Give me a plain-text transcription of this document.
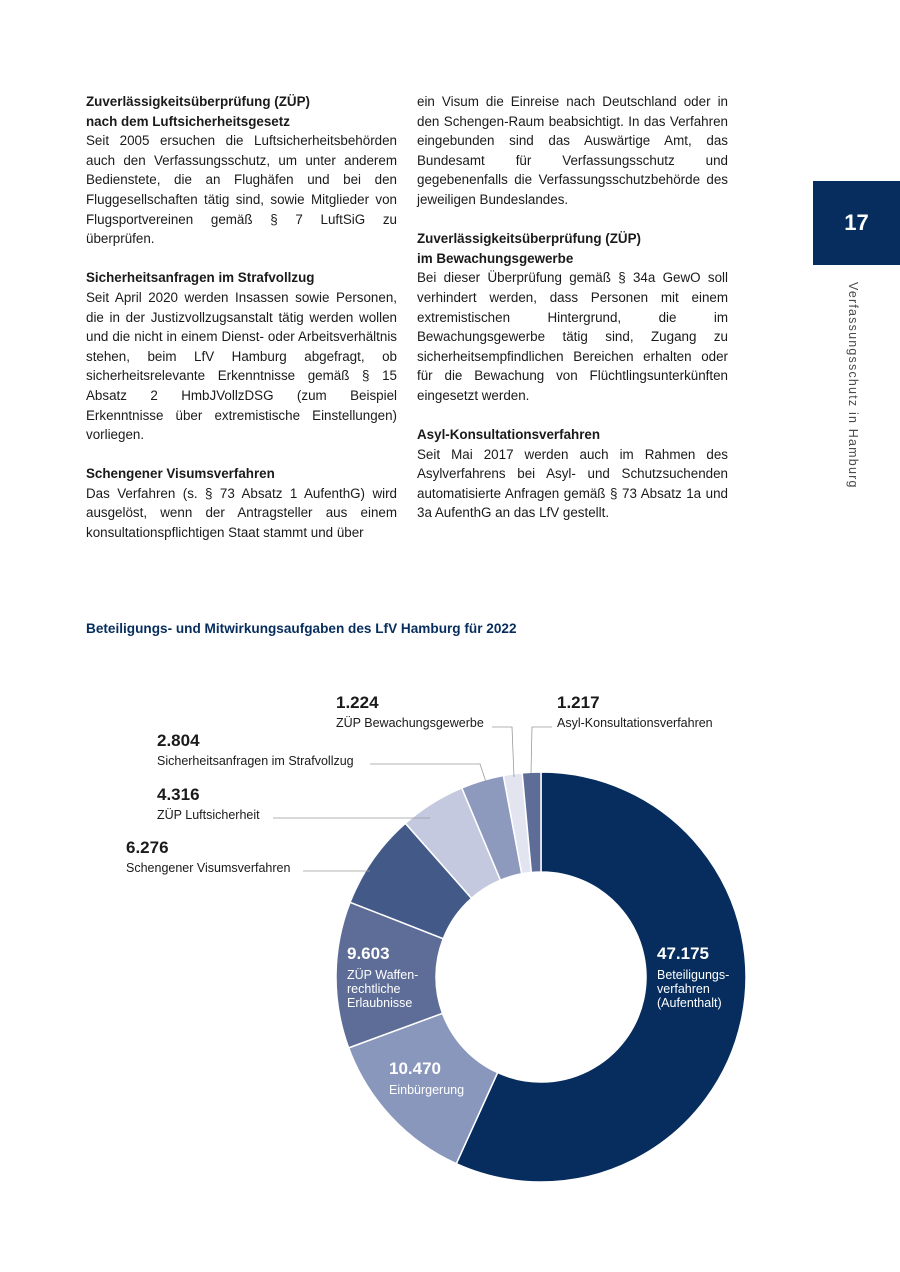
Zuverlässigkeitsüberprüfung (ZÜP)
nach dem Luftsicherheitsgesetz

Seit 2005 ersuchen die Luftsicherheitsbehörden auch den Verfassungsschutz, um unter anderem Bedienstete, die an Flughäfen und bei den Fluggesellschaften tätig sind, sowie Mitglieder von Flugsportvereinen gemäß § 7 LuftSiG zu überprüfen.

Sicherheitsanfragen im Strafvollzug

Seit April 2020 werden Insassen sowie Personen, die in der Justizvollzugsanstalt tätig werden wollen und die nicht in einem Dienst- oder Arbeitsverhältnis stehen, beim LfV Hamburg abgefragt, ob sicherheitsrelevante Erkenntnisse gemäß § 15 Absatz 2 HmbJVollzDSG (zum Beispiel Erkenntnisse über extremistische Einstellungen) vorliegen.

Schengener Visumsverfahren

Das Verfahren (s. § 73 Absatz 1 AufenthG) wird ausgelöst, wenn der Antragsteller aus einem konsultationspflichtigen Staat stammt und über

ein Visum die Einreise nach Deutschland oder in den Schengen-Raum beabsichtigt. In das Verfahren eingebunden sind das Auswärtige Amt, das Bundesamt für Verfassungsschutz und gegebenenfalls die Verfassungsschutzbehörde des jeweiligen Bundeslandes.

Zuverlässigkeitsüberprüfung (ZÜP)
im Bewachungsgewerbe

Bei dieser Überprüfung gemäß § 34a GewO soll verhindert werden, dass Personen mit einem extremistischen Hintergrund, die im Bewachungsgewerbe tätig sind, Zugang zu sicherheitsempfindlichen Bereichen erhalten oder für die Bewachung von Flüchtlingsunterkünften eingesetzt werden.

Asyl-Konsultationsverfahren

Seit Mai 2017 werden auch im Rahmen des Asylverfahrens bei Asyl- und Schutzsuchenden automatisierte Anfragen gemäß § 73 Absatz 1a und 3a AufenthG an das LfV gestellt.

17
Verfassungsschutz in Hamburg
Beteiligungs- und Mitwirkungsaufgaben des LfV Hamburg für 2022
47.175
Beteiligungs-
verfahren
(Aufenthalt)
10.470
Einbürgerung
9.603
ZÜP Waffen-
rechtliche
Erlaubnisse
6.276
Schengener Visumsverfahren
4.316
ZÜP Luftsicherheit
2.804
Sicherheitsanfragen im Strafvollzug
1.224
ZÜP Bewachungsgewerbe
1.217
Asyl-Konsultationsverfahren
